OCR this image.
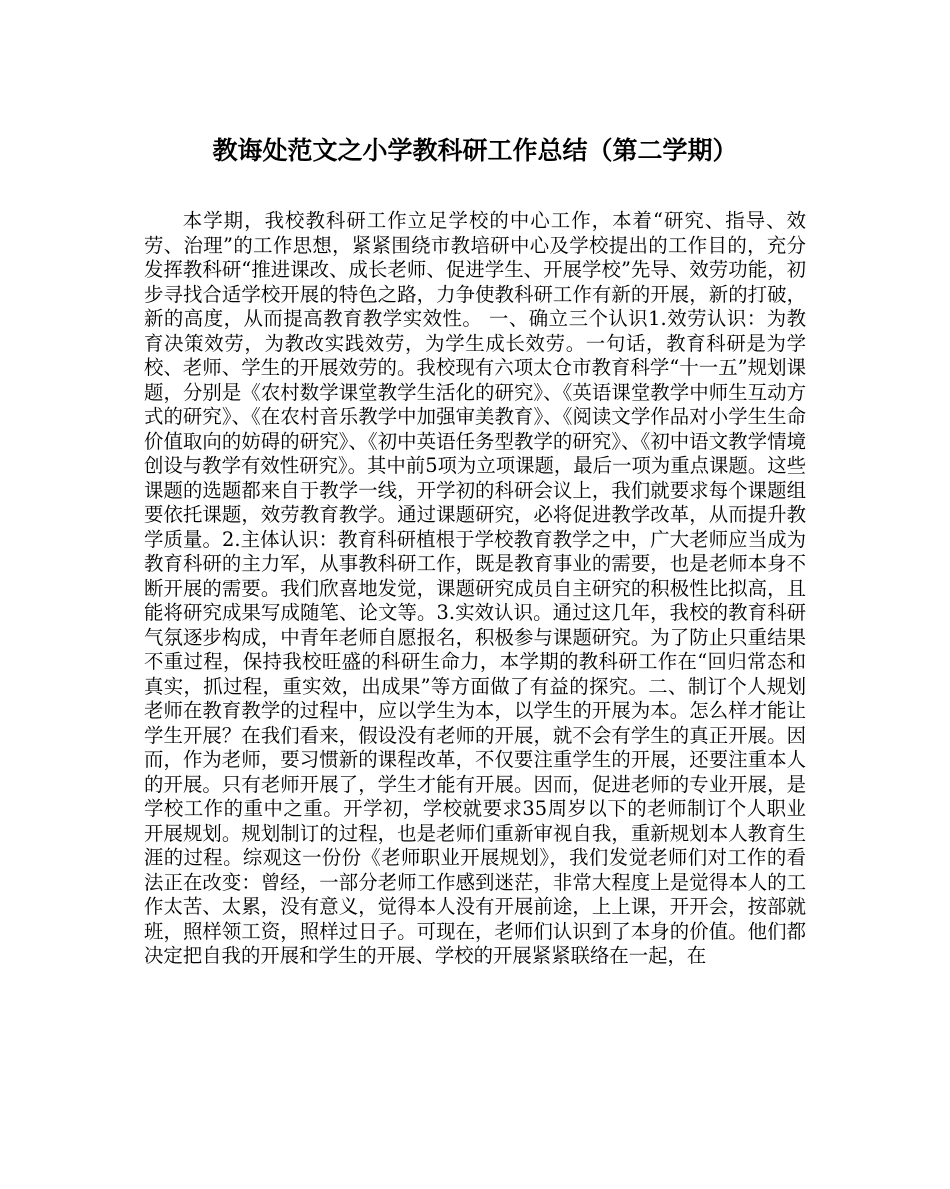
教诲处范文之小学教科研工作总结（第二学期）

本学期，我校教科研工作立足学校的中心工作，本着“研究、指导、效劳、治理”的工作思想，紧紧围绕市教培研中心及学校提出的工作目的，充分发挥教科研“推进课改、成长老师、促进学生、开展学校”先导、效劳功能，初步寻找合适学校开展的特色之路，力争使教科研工作有新的开展，新的打破，新的高度，从而提高教育教学实效性。 一、确立三个认识1.效劳认识：为教育决策效劳，为教改实践效劳，为学生成长效劳。一句话，教育科研是为学校、老师、学生的开展效劳的。我校现有六项太仓市教育科学“十一五”规划课题，分别是《农村数学课堂教学生活化的研究》、《英语课堂教学中师生互动方式的研究》、《在农村音乐教学中加强审美教育》、《阅读文学作品对小学生生命价值取向的妨碍的研究》、《初中英语任务型教学的研究》、《初中语文教学情境创设与教学有效性研究》。其中前5项为立项课题，最后一项为重点课题。这些课题的选题都来自于教学一线，开学初的科研会议上，我们就要求每个课题组要依托课题，效劳教育教学。通过课题研究，必将促进教学改革，从而提升教学质量。2.主体认识：教育科研植根于学校教育教学之中，广大老师应当成为教育科研的主力军，从事教科研工作，既是教育事业的需要，也是老师本身不断开展的需要。我们欣喜地发觉，课题研究成员自主研究的积极性比拟高，且能将研究成果写成随笔、论文等。3.实效认识。通过这几年，我校的教育科研气氛逐步构成，中青年老师自愿报名，积极参与课题研究。为了防止只重结果不重过程，保持我校旺盛的科研生命力，本学期的教科研工作在“回归常态和真实，抓过程，重实效，出成果”等方面做了有益的探究。二、制订个人规划老师在教育教学的过程中，应以学生为本，以学生的开展为本。怎么样才能让学生开展？在我们看来，假设没有老师的开展，就不会有学生的真正开展。因而，作为老师，要习惯新的课程改革，不仅要注重学生的开展，还要注重本人的开展。只有老师开展了，学生才能有开展。因而，促进老师的专业开展，是学校工作的重中之重。开学初，学校就要求35周岁以下的老师制订个人职业开展规划。规划制订的过程，也是老师们重新审视自我，重新规划本人教育生涯的过程。综观这一份份《老师职业开展规划》，我们发觉老师们对工作的看法正在改变：曾经，一部分老师工作感到迷茫，非常大程度上是觉得本人的工作太苦、太累，没有意义，觉得本人没有开展前途，上上课，开开会，按部就班，照样领工资，照样过日子。可现在，老师们认识到了本身的价值。他们都决定把自我的开展和学生的开展、学校的开展紧紧联络在一起，在
